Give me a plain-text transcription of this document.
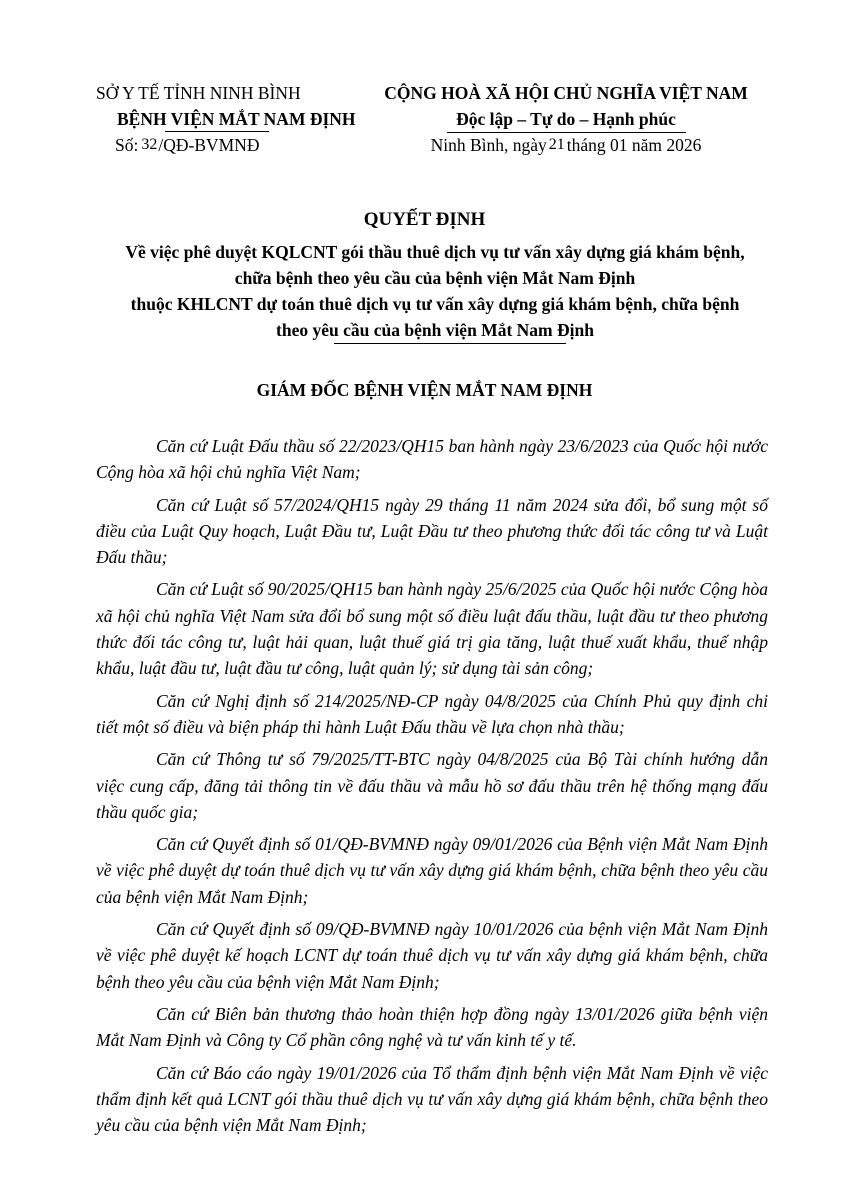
SỞ Y TẾ TỈNH NINH BÌNH
BỆNH VIỆN MẮT NAM ĐỊNH
Số: 32/QĐ-BVMNĐ
CỘNG HOÀ XÃ HỘI CHỦ NGHĨA VIỆT NAM
Độc lập – Tự do – Hạnh phúc
Ninh Bình, ngày 21 tháng 01 năm 2026
QUYẾT ĐỊNH
Về việc phê duyệt KQLCNT gói thầu thuê dịch vụ tư vấn xây dựng giá khám bệnh,
chữa bệnh theo yêu cầu của bệnh viện Mắt Nam Định
thuộc KHLCNT dự toán thuê dịch vụ tư vấn xây dựng giá khám bệnh, chữa bệnh
theo yêu cầu của bệnh viện Mắt Nam Định
GIÁM ĐỐC BỆNH VIỆN MẮT NAM ĐỊNH

Căn cứ Luật Đấu thầu số 22/2023/QH15 ban hành ngày 23/6/2023 của Quốc hội nước Cộng hòa xã hội chủ nghĩa Việt Nam;

Căn cứ Luật số 57/2024/QH15 ngày 29 tháng 11 năm 2024 sửa đổi, bổ sung một số điều của Luật Quy hoạch, Luật Đầu tư, Luật Đầu tư theo phương thức đối tác công tư và Luật Đấu thầu;

Căn cứ Luật số 90/2025/QH15 ban hành ngày 25/6/2025 của Quốc hội nước Cộng hòa xã hội chủ nghĩa Việt Nam sửa đổi bổ sung một số điều luật đấu thầu, luật đầu tư theo phương thức đối tác công tư, luật hải quan, luật thuế giá trị gia tăng, luật thuế xuất khẩu, thuế nhập khẩu, luật đầu tư, luật đầu tư công, luật quản lý; sử dụng tài sản công;

Căn cứ Nghị định số 214/2025/NĐ-CP ngày 04/8/2025 của Chính Phủ quy định chi tiết một số điều và biện pháp thi hành Luật Đấu thầu về lựa chọn nhà thầu;

Căn cứ Thông tư số 79/2025/TT-BTC ngày 04/8/2025 của Bộ Tài chính hướng dẫn việc cung cấp, đăng tải thông tin về đấu thầu và mẫu hồ sơ đấu thầu trên hệ thống mạng đấu thầu quốc gia;

Căn cứ Quyết định số 01/QĐ-BVMNĐ ngày 09/01/2026 của Bệnh viện Mắt Nam Định về việc phê duyệt dự toán thuê dịch vụ tư vấn xây dựng giá khám bệnh, chữa bệnh theo yêu cầu của bệnh viện Mắt Nam Định;

Căn cứ Quyết định số 09/QĐ-BVMNĐ ngày 10/01/2026 của bệnh viện Mắt Nam Định về việc phê duyệt kế hoạch LCNT dự toán thuê dịch vụ tư vấn xây dựng giá khám bệnh, chữa bệnh theo yêu cầu của bệnh viện Mắt Nam Định;

Căn cứ Biên bản thương thảo hoàn thiện hợp đồng ngày 13/01/2026 giữa bệnh viện Mắt Nam Định và Công ty Cổ phần công nghệ và tư vấn kinh tế y tế.

Căn cứ Báo cáo ngày 19/01/2026 của Tổ thẩm định bệnh viện Mắt Nam Định về việc thẩm định kết quả LCNT gói thầu thuê dịch vụ tư vấn xây dựng giá khám bệnh, chữa bệnh theo yêu cầu của bệnh viện Mắt Nam Định;
